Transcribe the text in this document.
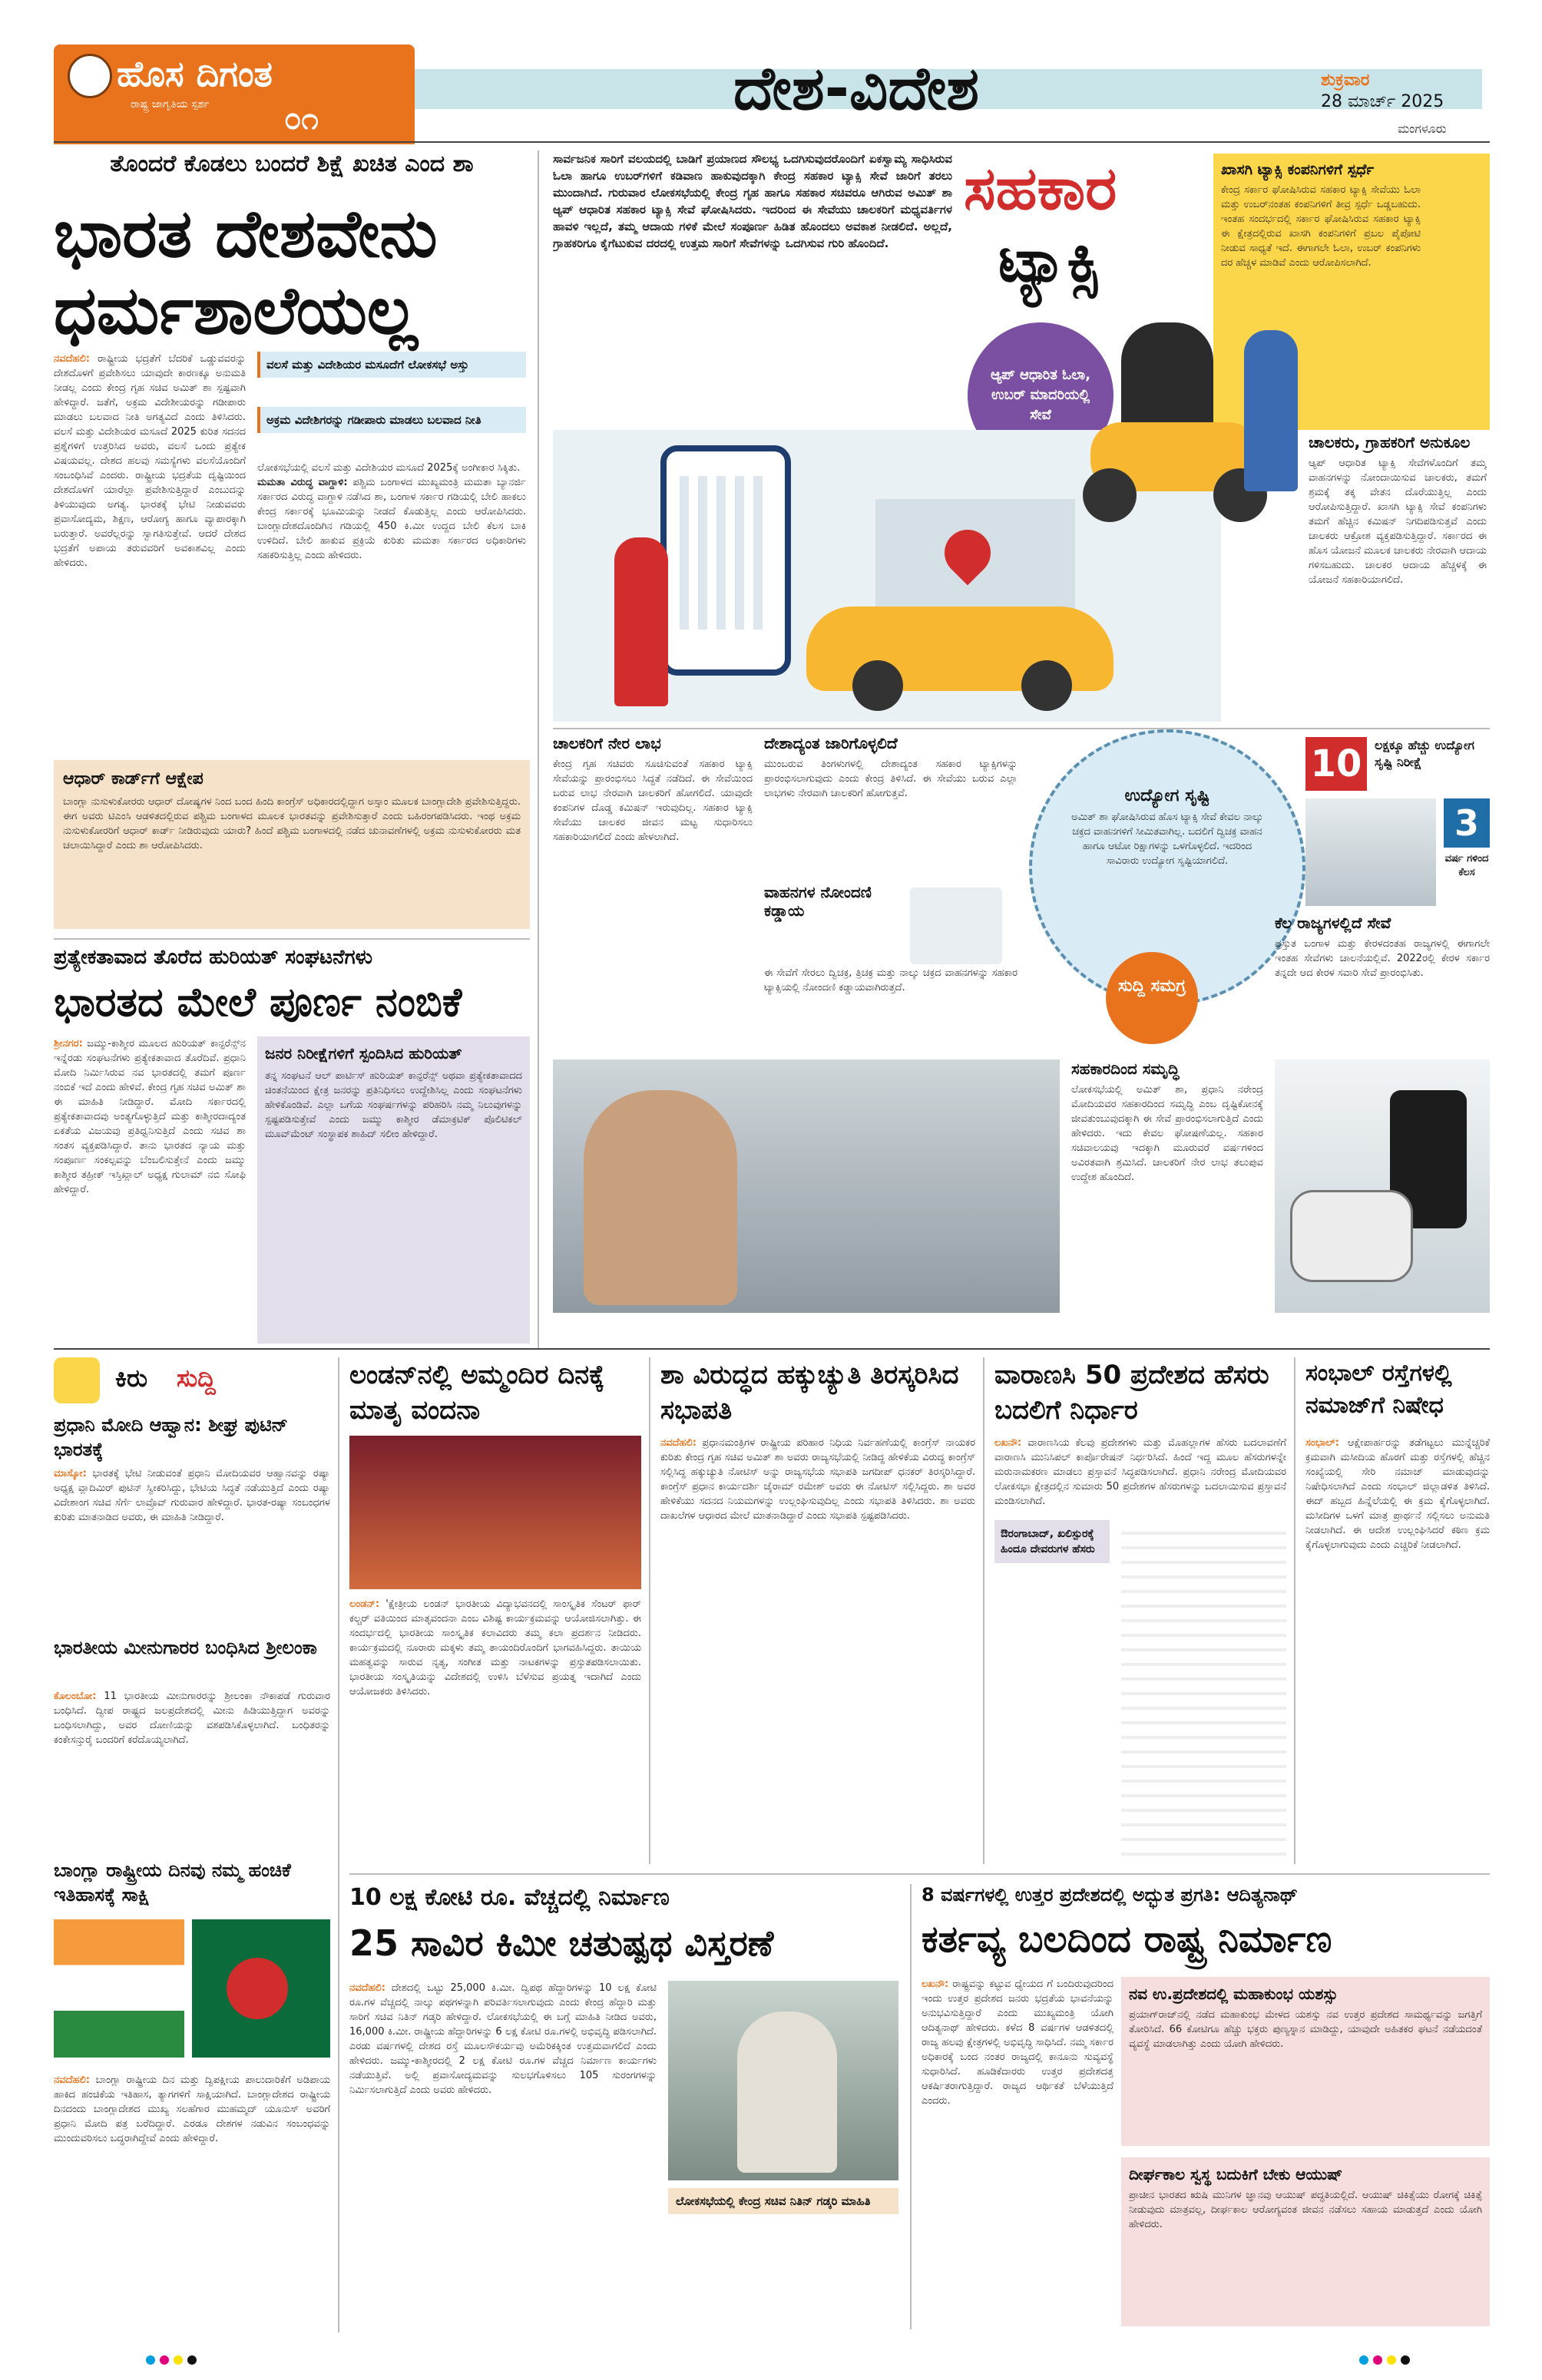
ಹೊಸ ದಿಗಂತ
ರಾಷ್ಟ್ರ ಜಾಗೃತಿಯ ಸ್ಪರ್ಶ	೦೧	ದೇಶ-ವಿದೇಶ	ಶುಕ್ರವಾರ
28 ಮಾರ್ಚ್ 2025
ಮಂಗಳೂರು
ತೊಂದರೆ ಕೊಡಲು ಬಂದರೆ ಶಿಕ್ಷೆ ಖಚಿತ ಎಂದ ಶಾ
ಭಾರತ ದೇಶವೇನು
ಧರ್ಮಶಾಲೆಯಲ್ಲ
ನವದೆಹಲಿ: ರಾಷ್ಟ್ರೀಯ ಭದ್ರತೆಗೆ ಬೆದರಿಕೆ ಒಡ್ಡುವವರನ್ನು ದೇಶದೊಳಗೆ ಪ್ರವೇಶಿಸಲು ಯಾವುದೇ ಕಾರಣಕ್ಕೂ ಅನುಮತಿ ನೀಡಲ್ಲ ಎಂದು ಕೇಂದ್ರ ಗೃಹ ಸಚಿವ ಅಮಿತ್ ಶಾ ಸ್ಪಷ್ಟವಾಗಿ ಹೇಳಿದ್ದಾರೆ. ಜತೆಗೆ, ಅಕ್ರಮ ವಿದೇಶೀಯರನ್ನು ಗಡೀಪಾರು ಮಾಡಲು ಬಲವಾದ ನೀತಿ ಅಗತ್ಯವಿದೆ ಎಂದು ತಿಳಿಸಿದರು. ವಲಸೆ ಮತ್ತು ವಿದೇಶಿಯರ ಮಸೂದೆ 2025 ಕುರಿತ ಸದನದ ಪ್ರಶ್ನೆಗಳಿಗೆ ಉತ್ತರಿಸಿದ ಅವರು, ವಲಸೆ ಒಂದು ಪ್ರತ್ಯೇಕ ವಿಷಯವಲ್ಲ. ದೇಶದ ಹಲವು ಸಮಸ್ಯೆಗಳು ವಲಸೆಯೊಂದಿಗೆ ಸಂಬಂಧಿಸಿವೆ ಎಂದರು. ರಾಷ್ಟ್ರೀಯ ಭದ್ರತೆಯ ದೃಷ್ಟಿಯಿಂದ ದೇಶದೊಳಗೆ ಯಾರೆಲ್ಲಾ ಪ್ರವೇಶಿಸುತ್ತಿದ್ದಾರೆ ಎಂಬುದನ್ನು ತಿಳಿಯುವುದು ಅಗತ್ಯ. ಭಾರತಕ್ಕೆ ಭೇಟಿ ನೀಡುವವರು ಪ್ರವಾಸೋದ್ಯಮ, ಶಿಕ್ಷಣ, ಆರೋಗ್ಯ ಹಾಗೂ ವ್ಯಾಪಾರಕ್ಕಾಗಿ ಬರುತ್ತಾರೆ. ಅವರೆಲ್ಲರನ್ನು ಸ್ವಾಗತಿಸುತ್ತೇವೆ. ಆದರೆ ದೇಶದ ಭದ್ರತೆಗೆ ಅಪಾಯ ತರುವವರಿಗೆ ಅವಕಾಶವಿಲ್ಲ ಎಂದು ಹೇಳಿದರು.
ವಲಸೆ ಮತ್ತು ವಿದೇಶಿಯರ ಮಸೂದೆಗೆ ಲೋಕಸಭೆ ಅಸ್ತು
ಅಕ್ರಮ ವಿದೇಶಿಗರನ್ನು ಗಡೀಪಾರು ಮಾಡಲು ಬಲವಾದ ನೀತಿ
ಲೋಕಸಭೆಯಲ್ಲಿ ವಲಸೆ ಮತ್ತು ವಿದೇಶಿಯರ ಮಸೂದೆ 2025ಕ್ಕೆ ಅಂಗೀಕಾರ ಸಿಕ್ಕಿತು.
ಮಮತಾ ವಿರುದ್ಧ ವಾಗ್ದಾಳಿ: ಪಶ್ಚಿಮ ಬಂಗಾಳದ ಮುಖ್ಯಮಂತ್ರಿ ಮಮತಾ ಬ್ಯಾನರ್ಜಿ ಸರ್ಕಾರದ ವಿರುದ್ಧ ವಾಗ್ದಾಳಿ ನಡೆಸಿದ ಶಾ, ಬಂಗಾಳ ಸರ್ಕಾರ ಗಡಿಯಲ್ಲಿ ಬೇಲಿ ಹಾಕಲು ಕೇಂದ್ರ ಸರ್ಕಾರಕ್ಕೆ ಭೂಮಿಯನ್ನು ನೀಡದೆ ಕೊಡುತ್ತಿಲ್ಲ ಎಂದು ಆರೋಪಿಸಿದರು. ಬಾಂಗ್ಲಾದೇಶದೊಂದಿಗಿನ ಗಡಿಯಲ್ಲಿ 450 ಕಿ.ಮೀ ಉದ್ದದ ಬೇಲಿ ಕೆಲಸ ಬಾಕಿ ಉಳಿದಿದೆ. ಬೇಲಿ ಹಾಕುವ ಪ್ರಕ್ರಿಯೆ ಕುರಿತು ಮಮತಾ ಸರ್ಕಾರದ ಅಧಿಕಾರಿಗಳು ಸಹಕರಿಸುತ್ತಿಲ್ಲ ಎಂದು ಹೇಳಿದರು.
ಆಧಾರ್ ಕಾರ್ಡ್‌ಗೆ ಆಕ್ಷೇಪ
ಬಾಂಗ್ಲಾ ನುಸುಳುಕೋರರು ಆಧಾರ್ ದೋಷ್ಯಗಳ ನಿಂದ ಬಂದ ಹಿಂದಿ ಕಾಂಗ್ರೆಸ್ ಅಧಿಕಾರದಲ್ಲಿದ್ದಾಗ ಅಸ್ಸಾಂ ಮೂಲಕ ಬಾಂಗ್ಲಾದೇಶಿ ಪ್ರವೇಶಿಸುತ್ತಿದ್ದರು. ಈಗ ಅವರು ಟಿಎಂಸಿ ಆಡಳಿತದಲ್ಲಿರುವ ಪಶ್ಚಿಮ ಬಂಗಾಳದ ಮೂಲಕ ಭಾರತವನ್ನು ಪ್ರವೇಶಿಸುತ್ತಾರೆ ಎಂದು ಬಹಿರಂಗಪಡಿಸಿದರು. ಇಂಥ ಅಕ್ರಮ ನುಸುಳುಕೋರರಿಗೆ ಆಧಾರ್ ಕಾರ್ಡ್ ನೀಡಿರುವುದು ಯಾರು? ಹಿಂದೆ ಪಶ್ಚಿಮ ಬಂಗಾಳದಲ್ಲಿ ನಡೆದ ಚುನಾವಣೆಗಳಲ್ಲಿ ಅಕ್ರಮ ನುಸುಳುಕೋರರು ಮತ ಚಲಾಯಿಸಿದ್ದಾರೆ ಎಂದು ಶಾ ಆರೋಪಿಸಿದರು.
ಪ್ರತ್ಯೇಕತಾವಾದ ತೊರೆದ ಹುರಿಯತ್ ಸಂಘಟನೆಗಳು
ಭಾರತದ ಮೇಲೆ ಪೂರ್ಣ ನಂಬಿಕೆ
ಶ್ರೀನಗರ: ಜಮ್ಮು-ಕಾಶ್ಮೀರ ಮೂಲದ ಹುರಿಯತ್ ಕಾನ್ಫರೆನ್ಸ್‌ನ ಇನ್ನೆರಡು ಸಂಘಟನೆಗಳು ಪ್ರತ್ಯೇಕತಾವಾದ ತೊರೆದಿವೆ. ಪ್ರಧಾನಿ ಮೋದಿ ನಿರ್ಮಿಸಿರುವ ನವ ಭಾರತದಲ್ಲಿ ತಮಗೆ ಪೂರ್ಣ ನಂಬಿಕೆ ಇದೆ ಎಂದು ಹೇಳಿವೆ. ಕೇಂದ್ರ ಗೃಹ ಸಚಿವ ಅಮಿತ್ ಶಾ ಈ ಮಾಹಿತಿ ನೀಡಿದ್ದಾರೆ. ಮೋದಿ ಸರ್ಕಾರದಲ್ಲಿ ಪ್ರತ್ಯೇಕತಾವಾದವು ಅಂತ್ಯಗೊಳ್ಳುತ್ತಿದೆ ಮತ್ತು ಕಾಶ್ಮೀರದಾದ್ಯಂತ ಏಕತೆಯ ವಿಜಯವು ಪ್ರತಿಧ್ವನಿಸುತ್ತಿದೆ ಎಂದು ಸಚಿವ ಶಾ ಸಂತಸ ವ್ಯಕ್ತಪಡಿಸಿದ್ದಾರೆ. ತಾನು ಭಾರತದ ನ್ಯಾಯ ಮತ್ತು ಸಂಪೂರ್ಣ ಸಂಕಲ್ಪವನ್ನು ಬೆಂಬಲಿಸುತ್ತೇನೆ ಎಂದು ಜಮ್ಮು ಕಾಶ್ಮೀರ ತಹ್ರೀಕ್ ಇಸ್ತಿಖ್ಲಾಲ್ ಅಧ್ಯಕ್ಷ ಗುಲಾಮ್ ನಬಿ ಸೋಫಿ ಹೇಳಿದ್ದಾರೆ.
ಜನರ ನಿರೀಕ್ಷೆಗಳಿಗೆ ಸ್ಪಂದಿಸಿದ ಹುರಿಯತ್
ತನ್ನ ಸಂಘಟನೆ ಆಲ್ ಪಾರ್ಟಿಸ್ ಹುರಿಯತ್ ಕಾನ್ಫರೆನ್ಸ್ ಅಥವಾ ಪ್ರತ್ಯೇಕತಾವಾದದ ಚಿಂತನೆಯಿಂದ ಕ್ಷೇತ್ರ ಜನರನ್ನು ಪ್ರತಿನಿಧಿಸಲು ಉದ್ದೇಶಿಸಿಲ್ಲ ಎಂದು ಸಂಘಟನೆಗಳು ಹೇಳಿಕೊಂಡಿವೆ. ಎಲ್ಲಾ ಬಗೆಯ ಸಂಘರ್ಷಗಳನ್ನು ಪರಿಹರಿಸಿ ನಮ್ಮ ನಿಲುವುಗಳನ್ನು ಸ್ಪಷ್ಟಪಡಿಸುತ್ತೇವೆ ಎಂದು ಜಮ್ಮು ಕಾಶ್ಮೀರ ಡೆಮಾಕ್ರಟಿಕ್ ಪೊಲಿಟಿಕಲ್ ಮೂವ್‌ಮೆಂಟ್ ಸಂಸ್ಥಾಪಕ ಶಾಹಿದ್ ಸಲೀಂ ಹೇಳಿದ್ದಾರೆ.
ಸಾರ್ವಜನಿಕ ಸಾರಿಗೆ ವಲಯದಲ್ಲಿ ಬಾಡಿಗೆ ಪ್ರಯಾಣದ ಸೌಲಭ್ಯ ಒದಗಿಸುವುದರೊಂದಿಗೆ ಏಕಸ್ವಾಮ್ಯ ಸಾಧಿಸಿರುವ ಓಲಾ ಹಾಗೂ ಉಬರ್‌ಗಳಿಗೆ ಕಡಿವಾಣ ಹಾಕುವುದಕ್ಕಾಗಿ ಕೇಂದ್ರ ಸಹಕಾರ ಟ್ಯಾಕ್ಸಿ ಸೇವೆ ಜಾರಿಗೆ ತರಲು ಮುಂದಾಗಿದೆ. ಗುರುವಾರ ಲೋಕಸಭೆಯಲ್ಲಿ ಕೇಂದ್ರ ಗೃಹ ಹಾಗೂ ಸಹಕಾರ ಸಚಿವರೂ ಆಗಿರುವ ಅಮಿತ್ ಶಾ ಆ್ಯಪ್ ಆಧಾರಿತ ಸಹಕಾರ ಟ್ಯಾಕ್ಸಿ ಸೇವೆ ಘೋಷಿಸಿದರು. ಇದರಿಂದ ಈ ಸೇವೆಯು ಚಾಲಕರಿಗೆ ಮಧ್ಯವರ್ತಿಗಳ ಹಾವಳಿ ಇಲ್ಲದೆ, ತಮ್ಮ ಆದಾಯ ಗಳಿಕೆ ಮೇಲೆ ಸಂಪೂರ್ಣ ಹಿಡಿತ ಹೊಂದಲು ಅವಕಾಶ ನೀಡಲಿದೆ. ಅಲ್ಲದೆ, ಗ್ರಾಹಕರಿಗೂ ಕೈಗೆಟುಕುವ ದರದಲ್ಲಿ ಉತ್ತಮ ಸಾರಿಗೆ ಸೇವೆಗಳನ್ನು ಒದಗಿಸುವ ಗುರಿ ಹೊಂದಿದೆ.
ಸಹಕಾರ
ಟ್ಯಾಕ್ಸಿ
ಆ್ಯಪ್ ಆಧಾರಿತ ಓಲಾ, ಉಬರ್ ಮಾದರಿಯಲ್ಲಿ ಸೇವೆ
ಖಾಸಗಿ ಟ್ಯಾಕ್ಸಿ ಕಂಪನಿಗಳಿಗೆ ಸ್ಪರ್ಧೆ
ಕೇಂದ್ರ ಸರ್ಕಾರ ಘೋಷಿಸಿರುವ ಸಹಕಾರ ಟ್ಯಾಕ್ಸಿ ಸೇವೆಯು ಓಲಾ ಮತ್ತು ಉಬರ್‌ನಂತಹ ಕಂಪನಿಗಳಿಗೆ ತೀವ್ರ ಸ್ಪರ್ಧೆ ಒಡ್ಡಬಹುದು. ಇಂತಹ ಸಂದರ್ಭದಲ್ಲಿ ಸರ್ಕಾರ ಘೋಷಿಸಿರುವ ಸಹಕಾರ ಟ್ಯಾಕ್ಸಿ ಈ ಕ್ಷೇತ್ರದಲ್ಲಿರುವ ಖಾಸಗಿ ಕಂಪನಿಗಳಿಗೆ ಪ್ರಬಲ ಪೈಪೋಟಿ ನೀಡುವ ಸಾಧ್ಯತೆ ಇದೆ. ಈಗಾಗಲೇ ಓಲಾ, ಉಬರ್ ಕಂಪನಿಗಳು ದರ ಹೆಚ್ಚಳ ಮಾಡಿವೆ ಎಂದು ಆರೋಪಿಸಲಾಗಿದೆ.
ಚಾಲಕರು, ಗ್ರಾಹಕರಿಗೆ ಅನುಕೂಲ
ಆ್ಯಪ್ ಆಧಾರಿತ ಟ್ಯಾಕ್ಸಿ ಸೇವೆಗಳೊಂದಿಗೆ ತಮ್ಮ ವಾಹನಗಳನ್ನು ನೋಂದಾಯಿಸುವ ಚಾಲಕರು, ತಮಗೆ ಶ್ರಮಕ್ಕೆ ತಕ್ಕ ವೇತನ ದೊರೆಯುತ್ತಿಲ್ಲ ಎಂದು ಆರೋಪಿಸುತ್ತಿದ್ದಾರೆ. ಖಾಸಗಿ ಟ್ಯಾಕ್ಸಿ ಸೇವೆ ಕಂಪನಿಗಳು ತಮಗೆ ಹೆಚ್ಚಿನ ಕಮಿಷನ್ ನಿಗದಿಪಡಿಸುತ್ತವೆ ಎಂದು ಚಾಲಕರು ಆಕ್ರೋಶ ವ್ಯಕ್ತಪಡಿಸುತ್ತಿದ್ದಾರೆ. ಸರ್ಕಾರದ ಈ ಹೊಸ ಯೋಜನೆ ಮೂಲಕ ಚಾಲಕರು ನೇರವಾಗಿ ಆದಾಯ ಗಳಿಸಬಹುದು. ಚಾಲಕರ ಆದಾಯ ಹೆಚ್ಚಳಕ್ಕೆ ಈ ಯೋಜನೆ ಸಹಕಾರಿಯಾಗಲಿದೆ.
ಚಾಲಕರಿಗೆ ನೇರ ಲಾಭ
ಕೇಂದ್ರ ಗೃಹ ಸಚಿವರು ಸೂಚಿಸುವಂತೆ ಸಹಕಾರ ಟ್ಯಾಕ್ಸಿ ಸೇವೆಯನ್ನು ಪ್ರಾರಂಭಿಸಲು ಸಿದ್ಧತೆ ನಡೆದಿದೆ. ಈ ಸೇವೆಯಿಂದ ಬರುವ ಲಾಭ ನೇರವಾಗಿ ಚಾಲಕರಿಗೆ ಹೋಗಲಿದೆ. ಯಾವುದೇ ಕಂಪನಿಗಳ ದೊಡ್ಡ ಕಮಿಷನ್ ಇರುವುದಿಲ್ಲ. ಸಹಕಾರ ಟ್ಯಾಕ್ಸಿ ಸೇವೆಯು ಚಾಲಕರ ಜೀವನ ಮಟ್ಟ ಸುಧಾರಿಸಲು ಸಹಕಾರಿಯಾಗಲಿದೆ ಎಂದು ಹೇಳಲಾಗಿದೆ.
ದೇಶಾದ್ಯಂತ ಜಾರಿಗೊಳ್ಳಲಿದೆ
ಮುಂಬರುವ ತಿಂಗಳುಗಳಲ್ಲಿ ದೇಶಾದ್ಯಂತ ಸಹಕಾರ ಟ್ಯಾಕ್ಸಿಗಳನ್ನು ಪ್ರಾರಂಭಿಸಲಾಗುವುದು ಎಂದು ಕೇಂದ್ರ ತಿಳಿಸಿದೆ. ಈ ಸೇವೆಯು ಬರುವ ಎಲ್ಲಾ ಲಾಭಗಳು ನೇರವಾಗಿ ಚಾಲಕರಿಗೆ ಹೋಗುತ್ತವೆ.
ವಾಹನಗಳ ನೋಂದಣಿ ಕಡ್ಡಾಯ
ಈ ಸೇವೆಗೆ ಸೇರಲು ದ್ವಿಚಕ್ರ, ತ್ರಿಚಕ್ರ ಮತ್ತು ನಾಲ್ಕು ಚಕ್ರದ ವಾಹನಗಳನ್ನು ಸಹಕಾರ ಟ್ಯಾಕ್ಸಿಯಲ್ಲಿ ನೋಂದಣಿ ಕಡ್ಡಾಯವಾಗಿರುತ್ತದೆ.
ಉದ್ಯೋಗ ಸೃಷ್ಟಿ
ಅಮಿತ್ ಶಾ ಘೋಷಿಸಿರುವ ಹೊಸ ಟ್ಯಾಕ್ಸಿ ಸೇವೆ ಕೇವಲ ನಾಲ್ಕು ಚಕ್ರದ ವಾಹನಗಳಿಗೆ ಸೀಮಿತವಾಗಿಲ್ಲ. ಬದಲಿಗೆ ದ್ವಿಚಕ್ರ ವಾಹನ ಹಾಗೂ ಆಟೋ ರಿಕ್ಷಾಗಳನ್ನು ಒಳಗೊಳ್ಳಲಿದೆ. ಇದರಿಂದ ಸಾವಿರಾರು ಉದ್ಯೋಗ ಸೃಷ್ಟಿಯಾಗಲಿದೆ.
10	ಲಕ್ಷಕ್ಕೂ ಹೆಚ್ಚು ಉದ್ಯೋಗ ಸೃಷ್ಟಿ ನಿರೀಕ್ಷೆ
3
ವರ್ಷ ಗಳಿಂದ ಕೆಲಸ
ಕೆಲ ರಾಜ್ಯಗಳಲ್ಲಿದೆ ಸೇವೆ
ಪ್ರಸ್ತುತ ಬಂಗಾಳ ಮತ್ತು ಕೇರಳದಂತಹ ರಾಜ್ಯಗಳಲ್ಲಿ ಈಗಾಗಲೇ ಇಂತಹ ಸೇವೆಗಳು ಚಾಲನೆಯಲ್ಲಿವೆ. 2022ರಲ್ಲಿ ಕೇರಳ ಸರ್ಕಾರ ತನ್ನದೇ ಆದ ಕೇರಳ ಸವಾರಿ ಸೇವೆ ಪ್ರಾರಂಭಿಸಿತು.
ಸುದ್ದಿ ಸಮಗ್ರ
ಸಹಕಾರದಿಂದ ಸಮೃದ್ಧಿ
ಲೋಕಸಭೆಯಲ್ಲಿ ಅಮಿತ್ ಶಾ, ಪ್ರಧಾನಿ ನರೇಂದ್ರ ಮೋದಿಯವರ ಸಹಕಾರದಿಂದ ಸಮೃದ್ಧಿ ಎಂಬ ದೃಷ್ಟಿಕೋನಕ್ಕೆ ಜೀವತುಂಬುವುದಕ್ಕಾಗಿ ಈ ಸೇವೆ ಪ್ರಾರಂಭಿಸಲಾಗುತ್ತಿದೆ ಎಂದು ಹೇಳಿದರು. ಇದು ಕೇವಲ ಘೋಷಣೆಯಲ್ಲ. ಸಹಕಾರ ಸಚಿವಾಲಯವು ಇದಕ್ಕಾಗಿ ಮೂರುವರೆ ವರ್ಷಗಳಿಂದ ಅವಿರತವಾಗಿ ಶ್ರಮಿಸಿದೆ. ಚಾಲಕರಿಗೆ ನೇರ ಲಾಭ ತಲುಪುವ ಉದ್ದೇಶ ಹೊಂದಿದೆ.
ಕಿರು ಸುದ್ದಿ
ಪ್ರಧಾನಿ ಮೋದಿ ಆಹ್ವಾನ: ಶೀಘ್ರ ಪುಟಿನ್ ಭಾರತಕ್ಕೆ
ಮಾಸ್ಕೋ: ಭಾರತಕ್ಕೆ ಭೇಟಿ ನೀಡುವಂತೆ ಪ್ರಧಾನಿ ಮೋದಿಯವರ ಆಹ್ವಾನವನ್ನು ರಷ್ಯಾ ಅಧ್ಯಕ್ಷ ವ್ಲಾದಿಮಿರ್ ಪುಟಿನ್ ಸ್ವೀಕರಿಸಿದ್ದು, ಭೇಟಿಯ ಸಿದ್ಧತೆ ನಡೆಯುತ್ತಿದೆ ಎಂದು ರಷ್ಯಾ ವಿದೇಶಾಂಗ ಸಚಿವ ಸೆರ್ಗೆ ಲಾವ್ರೊವ್ ಗುರುವಾರ ಹೇಳಿದ್ದಾರೆ. ಭಾರತ-ರಷ್ಯಾ ಸಂಬಂಧಗಳ ಕುರಿತು ಮಾತನಾಡಿದ ಅವರು, ಈ ಮಾಹಿತಿ ನೀಡಿದ್ದಾರೆ.
ಭಾರತೀಯ ಮೀನುಗಾರರ ಬಂಧಿಸಿದ ಶ್ರೀಲಂಕಾ
ಕೊಲಂಬೋ: 11 ಭಾರತೀಯ ಮೀನುಗಾರರನ್ನು ಶ್ರೀಲಂಕಾ ನೌಕಾಪಡೆ ಗುರುವಾರ ಬಂಧಿಸಿದೆ. ದ್ವೀಪ ರಾಷ್ಟ್ರದ ಜಲಪ್ರದೇಶದಲ್ಲಿ ಮೀನು ಹಿಡಿಯುತ್ತಿದ್ದಾಗ ಅವರನ್ನು ಬಂಧಿಸಲಾಗಿದ್ದು, ಅವರ ದೋಣಿಯನ್ನು ವಶಪಡಿಸಿಕೊಳ್ಳಲಾಗಿದೆ. ಬಂಧಿತರನ್ನು ಕಂಕೇಸನ್ತುರೈ ಬಂದರಿಗೆ ಕರೆದೊಯ್ಯಲಾಗಿದೆ.
ಬಾಂಗ್ಲಾ ರಾಷ್ಟ್ರೀಯ ದಿನವು ನಮ್ಮ ಹಂಚಿಕೆ ಇತಿಹಾಸಕ್ಕೆ ಸಾಕ್ಷಿ
ನವದೆಹಲಿ: ಬಾಂಗ್ಲಾ ರಾಷ್ಟ್ರೀಯ ದಿನ ಮತ್ತು ದ್ವಿಪಕ್ಷೀಯ ಪಾಲುದಾರಿಕೆಗೆ ಅಡಿಪಾಯ ಹಾಕಿದ ಹಂಚಿಕೆಯ ಇತಿಹಾಸ, ತ್ಯಾಗಗಳಿಗೆ ಸಾಕ್ಷಿಯಾಗಿದೆ. ಬಾಂಗ್ಲಾದೇಶದ ರಾಷ್ಟ್ರೀಯ ದಿನದಂದು ಬಾಂಗ್ಲಾದೇಶದ ಮುಖ್ಯ ಸಲಹೆಗಾರ ಮುಹಮ್ಮದ್ ಯೂನುಸ್ ಅವರಿಗೆ ಪ್ರಧಾನಿ ಮೋದಿ ಪತ್ರ ಬರೆದಿದ್ದಾರೆ. ಎರಡೂ ದೇಶಗಳ ನಡುವಿನ ಸಂಬಂಧವನ್ನು ಮುಂದುವರಿಸಲು ಬದ್ಧರಾಗಿದ್ದೇವೆ ಎಂದು ಹೇಳಿದ್ದಾರೆ.
ಲಂಡನ್‌ನಲ್ಲಿ ಅಮ್ಮಂದಿರ ದಿನಕ್ಕೆ ಮಾತೃ ವಂದನಾ
ಲಂಡನ್: 'ಕ್ಷೇತ್ರೀಯ ಲಂಡನ್ ಭಾರತೀಯ ವಿದ್ಯಾಭವನದಲ್ಲಿ ಸಾಂಸ್ಕೃತಿಕ ಸೆಂಟರ್ ಫಾರ್ ಕಲ್ಚರ್ ವತಿಯಿಂದ ಮಾತೃವಂದನಾ ಎಂಬ ವಿಶಿಷ್ಟ ಕಾರ್ಯಕ್ರಮವನ್ನು ಆಯೋಜಿಸಲಾಗಿತ್ತು. ಈ ಸಂದರ್ಭದಲ್ಲಿ ಭಾರತೀಯ ಸಾಂಸ್ಕೃತಿಕ ಕಲಾವಿದರು ತಮ್ಮ ಕಲಾ ಪ್ರದರ್ಶನ ನೀಡಿದರು. ಕಾರ್ಯಕ್ರಮದಲ್ಲಿ ನೂರಾರು ಮಕ್ಕಳು ತಮ್ಮ ತಾಯಂದಿರೊಂದಿಗೆ ಭಾಗವಹಿಸಿದ್ದರು. ತಾಯಿಯ ಮಹತ್ವವನ್ನು ಸಾರುವ ನೃತ್ಯ, ಸಂಗೀತ ಮತ್ತು ನಾಟಕಗಳನ್ನು ಪ್ರಸ್ತುತಪಡಿಸಲಾಯಿತು. ಭಾರತೀಯ ಸಂಸ್ಕೃತಿಯನ್ನು ವಿದೇಶದಲ್ಲಿ ಉಳಿಸಿ ಬೆಳೆಸುವ ಪ್ರಯತ್ನ ಇದಾಗಿದೆ ಎಂದು ಆಯೋಜಕರು ತಿಳಿಸಿದರು.
ಶಾ ವಿರುದ್ಧದ ಹಕ್ಕುಚ್ಯುತಿ ತಿರಸ್ಕರಿಸಿದ ಸಭಾಪತಿ
ನವದೆಹಲಿ: ಪ್ರಧಾನಮಂತ್ರಿಗಳ ರಾಷ್ಟ್ರೀಯ ಪರಿಹಾರ ನಿಧಿಯ ನಿರ್ವಹಣೆಯಲ್ಲಿ ಕಾಂಗ್ರೆಸ್ ನಾಯಕರ ಕುರಿತು ಕೇಂದ್ರ ಗೃಹ ಸಚಿವ ಅಮಿತ್ ಶಾ ಅವರು ರಾಜ್ಯಸಭೆಯಲ್ಲಿ ನೀಡಿದ್ದ ಹೇಳಿಕೆಯ ವಿರುದ್ಧ ಕಾಂಗ್ರೆಸ್ ಸಲ್ಲಿಸಿದ್ದ ಹಕ್ಕುಚ್ಯುತಿ ನೋಟಿಸ್ ಅನ್ನು ರಾಜ್ಯಸಭೆಯ ಸಭಾಪತಿ ಜಗದೀಪ್ ಧನಕರ್ ತಿರಸ್ಕರಿಸಿದ್ದಾರೆ. ಕಾಂಗ್ರೆಸ್ ಪ್ರಧಾನ ಕಾರ್ಯದರ್ಶಿ ಜೈರಾಮ್ ರಮೇಶ್ ಅವರು ಈ ನೋಟಿಸ್ ಸಲ್ಲಿಸಿದ್ದರು. ಶಾ ಅವರ ಹೇಳಿಕೆಯು ಸದನದ ನಿಯಮಗಳನ್ನು ಉಲ್ಲಂಘಿಸುವುದಿಲ್ಲ ಎಂದು ಸಭಾಪತಿ ತಿಳಿಸಿದರು. ಶಾ ಅವರು ದಾಖಲೆಗಳ ಆಧಾರದ ಮೇಲೆ ಮಾತನಾಡಿದ್ದಾರೆ ಎಂದು ಸಭಾಪತಿ ಸ್ಪಷ್ಟಪಡಿಸಿದರು.
ವಾರಾಣಸಿ 50 ಪ್ರದೇಶದ ಹೆಸರು ಬದಲಿಗೆ ನಿರ್ಧಾರ
ಲಖನೌ: ವಾರಾಣಸಿಯ ಕೆಲವು ಪ್ರದೇಶಗಳು ಮತ್ತು ಮೊಹಲ್ಲಾಗಳ ಹೆಸರು ಬದಲಾವಣೆಗೆ ವಾರಾಣಸಿ ಮುನಿಸಿಪಲ್ ಕಾರ್ಪೊರೇಷನ್ ನಿರ್ಧರಿಸಿದೆ. ಹಿಂದೆ ಇದ್ದ ಮೂಲ ಹೆಸರುಗಳನ್ನೇ ಮರುನಾಮಕರಣ ಮಾಡಲು ಪ್ರಸ್ತಾವನೆ ಸಿದ್ಧಪಡಿಸಲಾಗಿದೆ. ಪ್ರಧಾನಿ ನರೇಂದ್ರ ಮೋದಿಯವರ ಲೋಕಸಭಾ ಕ್ಷೇತ್ರದಲ್ಲಿನ ಸುಮಾರು 50 ಪ್ರದೇಶಗಳ ಹೆಸರುಗಳನ್ನು ಬದಲಾಯಿಸುವ ಪ್ರಸ್ತಾವನೆ ಮಂಡಿಸಲಾಗಿದೆ.
ಔರಂಗಾಬಾದ್, ಖಲಿಸ್ಪುರಕ್ಕೆ ಹಿಂದೂ ದೇವರುಗಳ ಹೆಸರು
ಸಂಭಾಲ್ ರಸ್ತೆಗಳಲ್ಲಿ ನಮಾಜ್‌ಗೆ ನಿಷೇಧ
ಸಂಭಾಲ್: ಆಕ್ಷೇಪಾರ್ಹರನ್ನು ತಡೆಗಟ್ಟಲು ಮುನ್ನೆಚ್ಚರಿಕೆ ಕ್ರಮವಾಗಿ ಮಸೀದಿಯ ಹೊರಗೆ ಮತ್ತು ರಸ್ತೆಗಳಲ್ಲಿ ಹೆಚ್ಚಿನ ಸಂಖ್ಯೆಯಲ್ಲಿ ಸೇರಿ ನಮಾಜ್ ಮಾಡುವುದನ್ನು ನಿಷೇಧಿಸಲಾಗಿದೆ ಎಂದು ಸಂಭಾಲ್ ಜಿಲ್ಲಾಡಳಿತ ತಿಳಿಸಿದೆ. ಈದ್ ಹಬ್ಬದ ಹಿನ್ನೆಲೆಯಲ್ಲಿ ಈ ಕ್ರಮ ಕೈಗೊಳ್ಳಲಾಗಿದೆ. ಮಸೀದಿಗಳ ಒಳಗೆ ಮಾತ್ರ ಪ್ರಾರ್ಥನೆ ಸಲ್ಲಿಸಲು ಅನುಮತಿ ನೀಡಲಾಗಿದೆ. ಈ ಆದೇಶ ಉಲ್ಲಂಘಿಸಿದರೆ ಕಠಿಣ ಕ್ರಮ ಕೈಗೊಳ್ಳಲಾಗುವುದು ಎಂದು ಎಚ್ಚರಿಕೆ ನೀಡಲಾಗಿದೆ.
10 ಲಕ್ಷ ಕೋಟಿ ರೂ. ವೆಚ್ಚದಲ್ಲಿ ನಿರ್ಮಾಣ
25 ಸಾವಿರ ಕಿಮೀ ಚತುಷ್ಪಥ ವಿಸ್ತರಣೆ
ನವದೆಹಲಿ: ದೇಶದಲ್ಲಿ ಒಟ್ಟು 25,000 ಕಿ.ಮೀ. ದ್ವಿಪಥ ಹೆದ್ದಾರಿಗಳನ್ನು 10 ಲಕ್ಷ ಕೋಟಿ ರೂ.ಗಳ ವೆಚ್ಚದಲ್ಲಿ ನಾಲ್ಕು ಪಥಗಳನ್ನಾಗಿ ಪರಿವರ್ತಿಸಲಾಗುವುದು ಎಂದು ಕೇಂದ್ರ ಹೆದ್ದಾರಿ ಮತ್ತು ಸಾರಿಗೆ ಸಚಿವ ನಿತಿನ್ ಗಡ್ಕರಿ ಹೇಳಿದ್ದಾರೆ. ಲೋಕಸಭೆಯಲ್ಲಿ ಈ ಬಗ್ಗೆ ಮಾಹಿತಿ ನೀಡಿದ ಅವರು, 16,000 ಕಿ.ಮೀ. ರಾಷ್ಟ್ರೀಯ ಹೆದ್ದಾರಿಗಳನ್ನು 6 ಲಕ್ಷ ಕೋಟಿ ರೂ.ಗಳಲ್ಲಿ ಅಭಿವೃದ್ಧಿ ಪಡಿಸಲಾಗಿದೆ. ಎರಡು ವರ್ಷಗಳಲ್ಲಿ ದೇಶದ ರಸ್ತೆ ಮೂಲಸೌಕರ್ಯವು ಅಮೆರಿಕಕ್ಕಿಂತ ಉತ್ತಮವಾಗಲಿದೆ ಎಂದು ಹೇಳಿದರು. ಜಮ್ಮು-ಕಾಶ್ಮೀರದಲ್ಲಿ 2 ಲಕ್ಷ ಕೋಟಿ ರೂ.ಗಳ ವೆಚ್ಚದ ನಿರ್ಮಾಣ ಕಾರ್ಯಗಳು ನಡೆಯುತ್ತಿವೆ. ಅಲ್ಲಿ ಪ್ರವಾಸೋದ್ಯಮವನ್ನು ಸುಲಭಗೊಳಿಸಲು 105 ಸುರಂಗಗಳನ್ನು ನಿರ್ಮಿಸಲಾಗುತ್ತಿದೆ ಎಂದು ಅವರು ಹೇಳಿದರು.
ಲೋಕಸಭೆಯಲ್ಲಿ ಕೇಂದ್ರ ಸಚಿವ ನಿತಿನ್ ಗಡ್ಕರಿ ಮಾಹಿತಿ
8 ವರ್ಷಗಳಲ್ಲಿ ಉತ್ತರ ಪ್ರದೇಶದಲ್ಲಿ ಅದ್ಭುತ ಪ್ರಗತಿ: ಆದಿತ್ಯನಾಥ್
ಕರ್ತವ್ಯ ಬಲದಿಂದ ರಾಷ್ಟ್ರ ನಿರ್ಮಾಣ
ಲಖನೌ: ರಾಷ್ಟ್ರವನ್ನು ಕಟ್ಟುವ ಧ್ಯೇಯದ ಗೆ ಬಂದಿರುವುದರಿಂದ ಇಂದು ಉತ್ತರ ಪ್ರದೇಶದ ಜನರು ಭದ್ರತೆಯ ಭಾವನೆಯನ್ನು ಅನುಭವಿಸುತ್ತಿದ್ದಾರೆ ಎಂದು ಮುಖ್ಯಮಂತ್ರಿ ಯೋಗಿ ಆದಿತ್ಯನಾಥ್ ಹೇಳಿದರು. ಕಳೆದ 8 ವರ್ಷಗಳ ಆಡಳಿತದಲ್ಲಿ ರಾಜ್ಯ ಹಲವು ಕ್ಷೇತ್ರಗಳಲ್ಲಿ ಅಭಿವೃದ್ಧಿ ಸಾಧಿಸಿದೆ. ನಮ್ಮ ಸರ್ಕಾರ ಅಧಿಕಾರಕ್ಕೆ ಬಂದ ನಂತರ ರಾಜ್ಯದಲ್ಲಿ ಕಾನೂನು ಸುವ್ಯವಸ್ಥೆ ಸುಧಾರಿಸಿದೆ. ಹೂಡಿಕೆದಾರರು ಉತ್ತರ ಪ್ರದೇಶದತ್ತ ಆಕರ್ಷಿತರಾಗುತ್ತಿದ್ದಾರೆ. ರಾಜ್ಯದ ಆರ್ಥಿಕತೆ ಬೆಳೆಯುತ್ತಿದೆ ಎಂದರು.
ನವ ಉ.ಪ್ರದೇಶದಲ್ಲಿ ಮಹಾಕುಂಭ ಯಶಸ್ಸು
ಪ್ರಯಾಗ್‌ರಾಜ್‌ನಲ್ಲಿ ನಡೆದ ಮಹಾಕುಂಭ ಮೇಳದ ಯಶಸ್ಸು ನವ ಉತ್ತರ ಪ್ರದೇಶದ ಸಾಮರ್ಥ್ಯವನ್ನು ಜಗತ್ತಿಗೆ ತೋರಿಸಿದೆ. 66 ಕೋಟಿಗೂ ಹೆಚ್ಚು ಭಕ್ತರು ಪುಣ್ಯಸ್ನಾನ ಮಾಡಿದ್ದು, ಯಾವುದೇ ಅಹಿತಕರ ಘಟನೆ ನಡೆಯದಂತೆ ವ್ಯವಸ್ಥೆ ಮಾಡಲಾಗಿತ್ತು ಎಂದು ಯೋಗಿ ಹೇಳಿದರು.
ದೀರ್ಘಕಾಲ ಸ್ವಸ್ಥ ಬದುಕಿಗೆ ಬೇಕು ಆಯುಷ್
ಪ್ರಾಚೀನ ಭಾರತದ ಋಷಿ ಮುನಿಗಳ ಜ್ಞಾನವು ಆಯುಷ್ ಪದ್ಧತಿಯಲ್ಲಿದೆ. ಆಯುಷ್ ಚಿಕಿತ್ಸೆಯು ರೋಗಕ್ಕೆ ಚಿಕಿತ್ಸೆ ನೀಡುವುದು ಮಾತ್ರವಲ್ಲ, ದೀರ್ಘಕಾಲ ಆರೋಗ್ಯವಂತ ಜೀವನ ನಡೆಸಲು ಸಹಾಯ ಮಾಡುತ್ತದೆ ಎಂದು ಯೋಗಿ ಹೇಳಿದರು.
